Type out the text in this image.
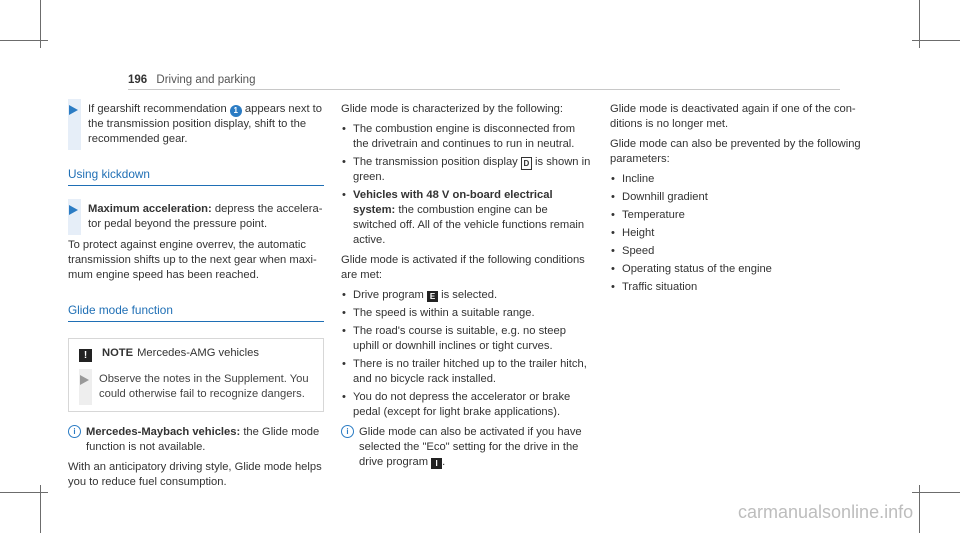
196 Driving and parking
If gearshift recommendation 1 appears next to the transmission position display, shift to the recommended gear.
Using kickdown
Maximum acceleration: depress the accelera-tor pedal beyond the pressure point.

To protect against engine overrev, the automatic transmission shifts up to the next gear when maxi-mum engine speed has been reached.

Glide mode function
! NOTE Mercedes-AMG vehicles
Observe the notes in the Supplement. You could otherwise fail to recognize dangers.

i Mercedes-Maybach vehicles: the Glide mode function is not available.

With an anticipatory driving style, Glide mode helps you to reduce fuel consumption.

Glide mode is characterized by the following:

• The combustion engine is disconnected from the drivetrain and continues to run in neutral.
• The transmission position display D is shown in green.
• Vehicles with 48 V on-board electrical system: the combustion engine can be switched off. All of the vehicle functions remain active.

Glide mode is activated if the following conditions are met:

• Drive program E is selected.
• The speed is within a suitable range.
• The road's course is suitable, e.g. no steep uphill or downhill inclines or tight curves.
• There is no trailer hitched up to the trailer hitch, and no bicycle rack installed.
• You do not depress the accelerator or brake pedal (except for light brake applications).

i Glide mode can also be activated if you have selected the "Eco" setting for the drive in the drive program I .

Glide mode is deactivated again if one of the con-ditions is no longer met.

Glide mode can also be prevented by the following parameters:

• Incline
• Downhill gradient
• Temperature
• Height
• Speed
• Operating status of the engine
• Traffic situation
carmanualsonline.info
